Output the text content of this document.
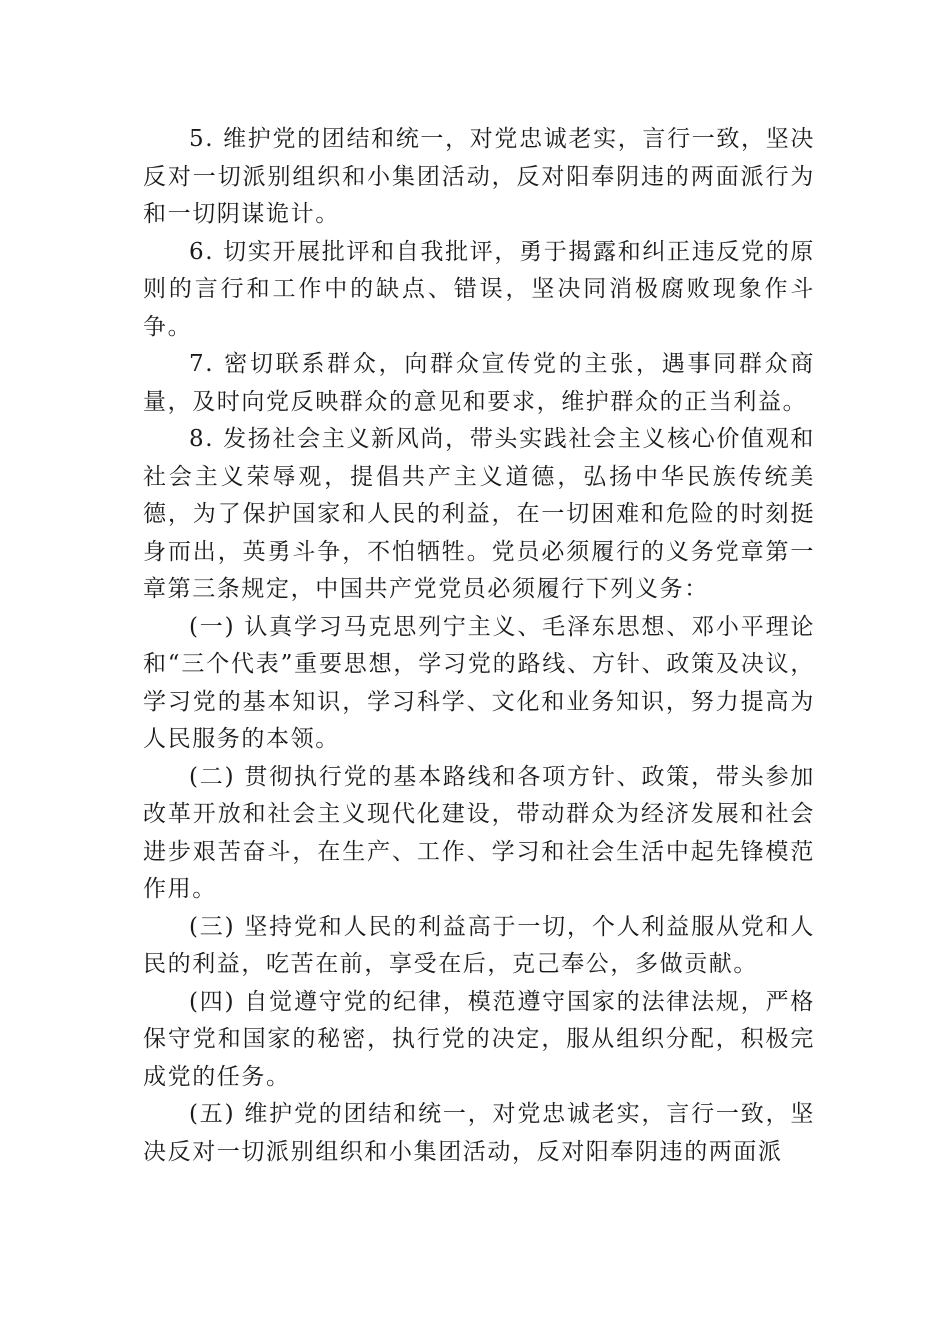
5. 维护党的团结和统一，对党忠诚老实，言行一致，坚决反对一切派别组织和小集团活动，反对阳奉阴违的两面派行为和一切阴谋诡计。

6. 切实开展批评和自我批评，勇于揭露和纠正违反党的原则的言行和工作中的缺点、错误，坚决同消极腐败现象作斗争。

7. 密切联系群众，向群众宣传党的主张，遇事同群众商量，及时向党反映群众的意见和要求，维护群众的正当利益。

8. 发扬社会主义新风尚，带头实践社会主义核心价值观和社会主义荣辱观，提倡共产主义道德，弘扬中华民族传统美德，为了保护国家和人民的利益，在一切困难和危险的时刻挺身而出，英勇斗争，不怕牺牲。党员必须履行的义务党章第一章第三条规定，中国共产党党员必须履行下列义务：

(一) 认真学习马克思列宁主义、毛泽东思想、邓小平理论和“三个代表”重要思想，学习党的路线、方针、政策及决议，学习党的基本知识，学习科学、文化和业务知识，努力提高为人民服务的本领。

(二) 贯彻执行党的基本路线和各项方针、政策，带头参加改革开放和社会主义现代化建设，带动群众为经济发展和社会进步艰苦奋斗，在生产、工作、学习和社会生活中起先锋模范作用。

(三) 坚持党和人民的利益高于一切，个人利益服从党和人民的利益，吃苦在前，享受在后，克己奉公，多做贡献。

(四) 自觉遵守党的纪律，模范遵守国家的法律法规，严格保守党和国家的秘密，执行党的决定，服从组织分配，积极完成党的任务。

(五) 维护党的团结和统一，对党忠诚老实，言行一致，坚决反对一切派别组织和小集团活动，反对阳奉阴违的两面派
